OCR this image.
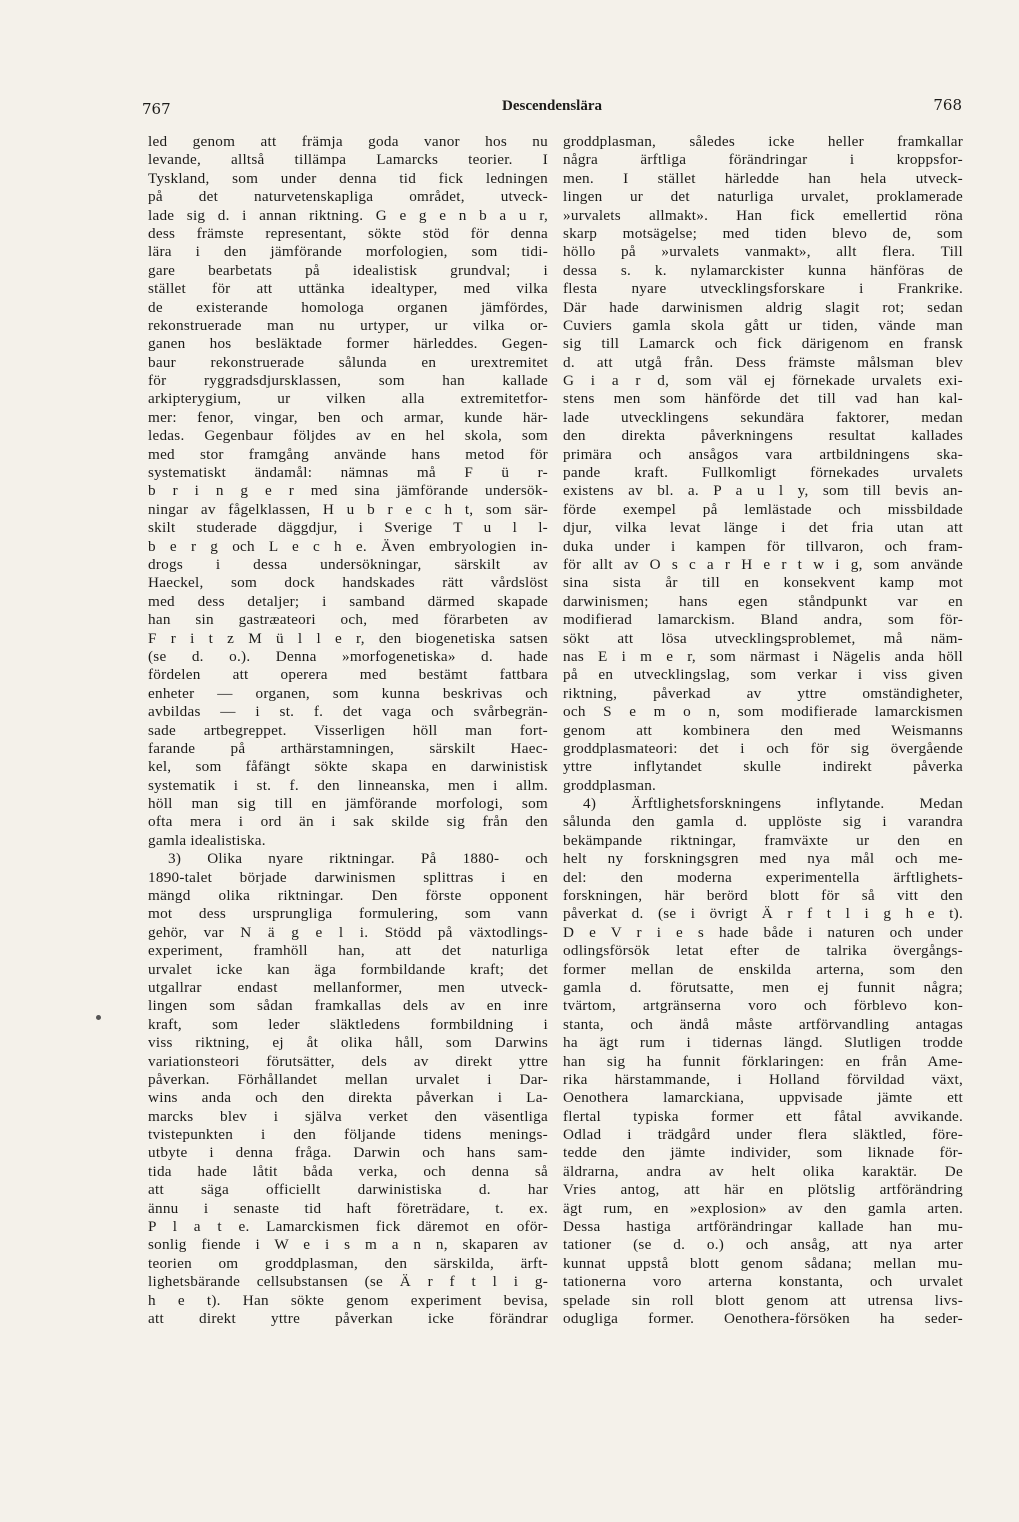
767	Descendenslära	768
led genom att främja goda vanor hos nu
levande, alltså tillämpa Lamarcks teorier. I
Tyskland, som under denna tid fick ledningen
på det naturvetenskapliga området, utveck-
lade sig d. i annan riktning. G e g e n b a u r,
dess främste representant, sökte stöd för denna
lära i den jämförande morfologien, som tidi-
gare bearbetats på idealistisk grundval; i
stället för att uttänka idealtyper, med vilka
de existerande homologa organen jämfördes,
rekonstruerade man nu urtyper, ur vilka or-
ganen hos besläktade former härleddes. Gegen-
baur rekonstruerade sålunda en urextremitet
för ryggradsdjursklassen, som han kallade
arkipterygium, ur vilken alla extremitetfor-
mer: fenor, vingar, ben och armar, kunde här-
ledas. Gegenbaur följdes av en hel skola, som
med stor framgång använde hans metod för
systematiskt ändamål: nämnas må F ü r-
b r i n g e r med sina jämförande undersök-
ningar av fågelklassen, H u b r e c h t, som sär-
skilt studerade däggdjur, i Sverige T u l l-
b e r g och L e c h e. Även embryologien in-
drogs i dessa undersökningar, särskilt av
Haeckel, som dock handskades rätt vårdslöst
med dess detaljer; i samband därmed skapade
han sin gastræateori och, med förarbeten av
F r i t z M ü l l e r, den biogenetiska satsen
(se d. o.). Denna »morfogenetiska» d. hade
fördelen att operera med bestämt fattbara
enheter — organen, som kunna beskrivas och
avbildas — i st. f. det vaga och svårbegrän-
sade artbegreppet. Visserligen höll man fort-
farande på arthärstamningen, särskilt Haec-
kel, som fåfängt sökte skapa en darwinistisk
systematik i st. f. den linneanska, men i allm.
höll man sig till en jämförande morfologi, som
ofta mera i ord än i sak skilde sig från den
gamla idealistiska.
3) Olika nyare riktningar. På 1880- och
1890-talet började darwinismen splittras i en
mängd olika riktningar. Den förste opponent
mot dess ursprungliga formulering, som vann
gehör, var N ä g e l i. Stödd på växtodlings-
experiment, framhöll han, att det naturliga
urvalet icke kan äga formbildande kraft; det
utgallrar endast mellanformer, men utveck-
lingen som sådan framkallas dels av en inre
kraft, som leder släktledens formbildning i
viss riktning, ej åt olika håll, som Darwins
variationsteori förutsätter, dels av direkt yttre
påverkan. Förhållandet mellan urvalet i Dar-
wins anda och den direkta påverkan i La-
marcks blev i själva verket den väsentliga
tvistepunkten i den följande tidens menings-
utbyte i denna fråga. Darwin och hans sam-
tida hade låtit båda verka, och denna så
att säga officiellt darwinistiska d. har
ännu i senaste tid haft företrädare, t. ex.
P l a t e. Lamarckismen fick däremot en oför-
sonlig fiende i W e i s m a n n, skaparen av
teorien om groddplasman, den särskilda, ärft-
lighetsbärande cellsubstansen (se Ä r f t l i g-
h e t). Han sökte genom experiment bevisa,
att direkt yttre påverkan icke förändrar
groddplasman, således icke heller framkallar
några ärftliga förändringar i kroppsfor-
men. I stället härledde han hela utveck-
lingen ur det naturliga urvalet, proklamerade
»urvalets allmakt». Han fick emellertid röna
skarp motsägelse; med tiden blevo de, som
höllo på »urvalets vanmakt», allt flera. Till
dessa s. k. nylamarckister kunna hänföras de
flesta nyare utvecklingsforskare i Frankrike.
Där hade darwinismen aldrig slagit rot; sedan
Cuviers gamla skola gått ur tiden, vände man
sig till Lamarck och fick därigenom en fransk
d. att utgå från. Dess främste målsman blev
G i a r d, som väl ej förnekade urvalets exi-
stens men som hänförde det till vad han kal-
lade utvecklingens sekundära faktorer, medan
den direkta påverkningens resultat kallades
primära och ansågos vara artbildningens ska-
pande kraft. Fullkomligt förnekades urvalets
existens av bl. a. P a u l y, som till bevis an-
förde exempel på lemlästade och missbildade
djur, vilka levat länge i det fria utan att
duka under i kampen för tillvaron, och fram-
för allt av O s c a r H e r t w i g, som använde
sina sista år till en konsekvent kamp mot
darwinismen; hans egen ståndpunkt var en
modifierad lamarckism. Bland andra, som för-
sökt att lösa utvecklingsproblemet, må näm-
nas E i m e r, som närmast i Nägelis anda höll
på en utvecklingslag, som verkar i viss given
riktning, påverkad av yttre omständigheter,
och S e m o n, som modifierade lamarckismen
genom att kombinera den med Weismanns
groddplasmateori: det i och för sig övergående
yttre inflytandet skulle indirekt påverka
groddplasman.
4) Ärftlighetsforskningens inflytande. Medan
sålunda den gamla d. upplöste sig i varandra
bekämpande riktningar, framväxte ur den en
helt ny forskningsgren med nya mål och me-
del: den moderna experimentella ärftlighets-
forskningen, här berörd blott för så vitt den
påverkat d. (se i övrigt Ä r f t l i g h e t).
D e V r i e s hade både i naturen och under
odlingsförsök letat efter de talrika övergångs-
former mellan de enskilda arterna, som den
gamla d. förutsatte, men ej funnit några;
tvärtom, artgränserna voro och förblevo kon-
stanta, och ändå måste artförvandling antagas
ha ägt rum i tidernas längd. Slutligen trodde
han sig ha funnit förklaringen: en från Ame-
rika härstammande, i Holland förvildad växt,
Oenothera lamarckiana, uppvisade jämte ett
flertal typiska former ett fåtal avvikande.
Odlad i trädgård under flera släktled, före-
tedde den jämte individer, som liknade för-
äldrarna, andra av helt olika karaktär. De
Vries antog, att här en plötslig artförändring
ägt rum, en »explosion» av den gamla arten.
Dessa hastiga artförändringar kallade han mu-
tationer (se d. o.) och ansåg, att nya arter
kunnat uppstå blott genom sådana; mellan mu-
tationerna voro arterna konstanta, och urvalet
spelade sin roll blott genom att utrensa livs-
odugliga former. Oenothera-försöken ha seder-
